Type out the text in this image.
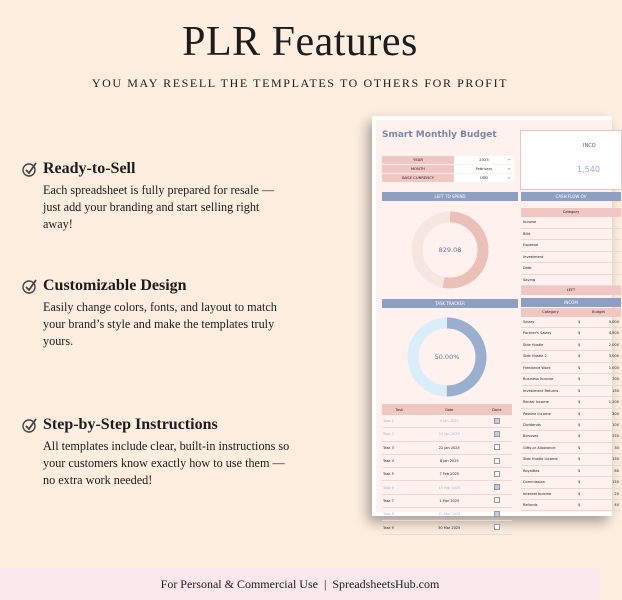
PLR Features
YOU MAY RESELL THE TEMPLATES TO OTHERS FOR PROFIT
Ready-to-Sell

Each spreadsheet is fully prepared for resale — just add your branding and start selling right away!

Customizable Design

Easily change colors, fonts, and layout to match your brand’s style and make the templates truly yours.

Step-by-Step Instructions

All templates include clear, built-in instructions so your customers know exactly how to use them — no extra work needed!

Smart Monthly Budget
INCO
1,540
YEAR	2025 ▾
MONTH	February ▾
BASE CURRENCY	USD ▾
LEFT TO SPEND
829.08
TASK TRACKER
50.00%
Task	Date	Done
Task 1	5 Jan 2025	
Task 2	15 Jan 2025	
Task 3	22 Jan 2025	
Task 4	8 Jan 2025	
Task 5	7 Feb 2025	
Task 6	15 Feb 2025	
Task 7	1 Mar 2025	
Task 8	15 Mar 2025	
Task 9	30 Mar 2025	
CASH FLOW OV
Category
Income
Bills
Expense
Investment
Debt
Saving
LEFT
INCOM
Category	Budget
Salary	$	5,000
Partner's Salary	$	4,500
Side Hustle	$	2,000
Side Hustle 2	$	3,000
Freelance Work	$	1,000
Business Income	$	700
Investment Returns	$	150
Rental Income	$	1,200
Passive Income	$	300
Dividends	$	100
Bonuses	$	250
Gifts or Allowance	$	30
Side Hustle Income	$	150
Royalties	$	80
Commission	$	150
Interest Income	$	20
Refunds	$	40
For Personal & Commercial Use | SpreadsheetsHub.com
